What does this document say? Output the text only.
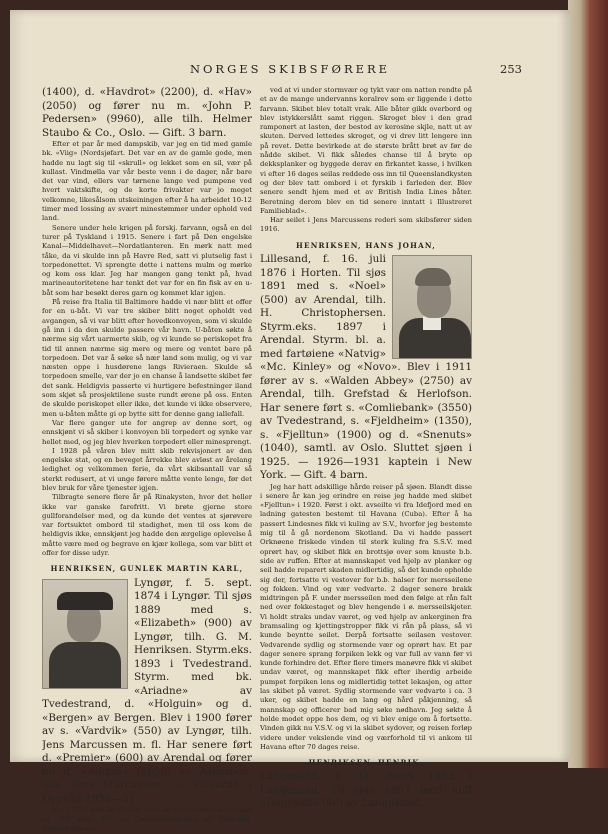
NORGES SKIBSFØRERE	253

(1400), d. «Havdrot» (2200), d. «Hav» (2050) og fører nu m. «John P. Pedersen» (9960), alle tilh. Helmer Staubo & Co., Oslo. — Gift. 3 barn.

Efter et par år med dampskib, var jeg en tid med gamle bk. «Viig» (Nordsjøfart. Det var en av de gamle gode, men hadde nu lagt sig til «skrull» og lekket som en sil, vær på kullast. Vindmølla var vår beste venn i de dager, når bare det var vind, ellers var tørnene lange ved pumpene ved hvert vaktskifte, og de korte frivakter var jo meget velkomne, likesålsom utskeiningen efter å ha arbeidet 10-12 timer med lossing av svært minestømmer under ophold ved land.

Senere under hele krigen på forskj. farvann, også en del turer på Tyskland i 1915. Senere i fart på Den engelske Kanal—Middelhavet—Nordatlanteren. En mørk natt med tåke, da vi skulde inn på Havre Red, satt vi plutselig fast i torpedonettet. Vi sprengte dette i nattens mulm og mørke og kom oss klar. Jeg har mangen gang tenkt på, hvad marineautoritetene har tenkt det var for en fin fisk av en u-båt som har besøkt deres garn og kommet klar igjen.

På reise fra Italia til Baltimore hadde vi nær blitt et offer for en u-båt. Vi var tre skiber blitt noget opholdt ved avgangen, så vi var blitt efter hovedkonvoyen, som vi skulde gå inn i da den skulde passere vår havn. U-båten søkte å nærme sig vårt uarmerte skib, og vi kunde se periskopet fra tid til annen nærme sig mere og mere og ventet bare på torpedoen. Det var å søke så nær land som mulig, og vi var næsten oppe i husdørene langs Rivieraen. Skulde så torpedoen smelle, var der jo en chanse å landsette skibet før det sank. Heldigvis passerte vi hurtigere befestninger iland som skjøt så prosjektilene suste rundt ørene på oss. Enten de skulde periskopet eller ikke, det kunde vi ikke observere, men u-båten måtte gi op bytte sitt for denne gang iallefall.

Var flere ganger ute for angrep av denne sort, og ennskjønt vi så skiber i konvoyen bli torpedert og synke var hellet med, og jeg blev hverken torpedert eller minesprengt.

I 1928 på våren blev mitt skib rekvisjonert av den engelske stat, og en beveget årrekke blev avløst av årelang ledighet og velkommen ferie, da vårt skibsantall var så sterkt redusert, at vi unge førere måtte vente lenge, før det blev bruk for våre tjenester igjen.

Tilbragte senere flere år på Rinakysten, hvor det heller ikke var ganske farefritt. Vi brøte gjerne store gullforandelser med, og da kunde det ventes at sjørøvere var fortsuktet ombord til stadighet, men til oss kom de heldigvis ikke, ennskjønt jeg hadde den ærgelige oplevelse å måtte være med og begrave en kjær kollega, som var blitt et offer for disse udyr.

HENRIKSEN, GUNLEK MARTIN KARL,

Lyngør, f. 5. sept. 1874 i Lyngør. Til sjøs 1889 med s. «Elizabeth» (900) av Lyngør, tilh. G. M. Henriksen. Styrm.eks. 1893 i Tvedestrand. Styrm. med bk. «Ariadne» av Tvedestrand, d. «Holguin» og d. «Bergen» av Bergen. Blev i 1900 fører av s. «Vardvik» (550) av Lyngør, tilh. Jens Marcussen m. fl. Har senere ført d. «Premier» (600) av Arendal og fører nu d. «Audun» (2050) av Askerøen, tilh. Jens Marcussen. — Viceordf. i Dypvåg 1928—31.

Var i 1892 med og forliste med bk. «Elizabeth» av Lyngør ca. 600 kv.m. S.O. av Queenslandkysten på Australia. Forliset skjedde

ved at vi under stormvær og tykt vær om natten rendte på et av de mange undervanns koralrev som er liggende i dette farvann. Skibet blev totalt vrak. Alle båter gikk overbord og blev istykkerslått samt riggen. Skroget blev i den grad ramponert at lasten, der bestod av kerosine skjle, natt ut av skuten. Derved lettedes skroget, og vi drev litt lengere inn på revet. Dette bevirkede at de største brått brøt av før de nådde skibet. Vi fikk således chanse til å bryte op dekksplanker og byggede derav en firkantet kasse, i hvilken vi efter 16 dages seilas reddede oss inn til Queenslandkysten og der blev tatt ombord i et fyrskib i farleden der. Blev senere sendt hjem med et av British India Lines båter. Beretning derom blev en tid senere inntatt i Illustreret Familieblad».

Har seilet i Jens Marcussens rederi som skibsfører siden 1916.

HENRIKSEN, HANS JOHAN,

Lillesand, f. 16. juli 1876 i Horten. Til sjøs 1891 med s. «Noel» (500) av Arendal, tilh. H. Christophersen. Styrm.eks. 1897 i Arendal. Styrm. bl. a. med fartøiene «Natvig» «Mc. Kinley» og «Novo». Blev i 1911 fører av s. «Walden Abbey» (2750) av Arendal, tilh. Grefstad & Herlofson. Har senere ført s. «Comliebank» (3550) av Tvedestrand, s. «Fjeldheim» (1350), s. «Fjelltun» (1900) og d. «Snenuts» (1040), samtl. av Oslo. Sluttet sjøen i 1925. — 1926—1931 kaptein i New York. — Gift. 4 barn.

Jeg har hatt adskillige hårde reiser på sjøen. Blandt disse i senere år kan jeg erindre en reise jeg hadde med skibet «Fjelltun» i 1920. Først i okt. avseilte vi fra Idefjord med en ladning gatesten bestemt til Havana (Cuba). Efter å ha passert Lindesnes fikk vi kuling av S.V., hvorfor jeg bestemte mig til å gå nordenom Skotland. Da vi hadde passert Orknøene friskede vinden til sterk kuling fra S.S.V. med oprørt hav, og skibet fikk en brottsjø over som knuste b.b. side av ruffen. Efter at mannskapet ved hjelp av planker og seil hadde reparert skaden midlertidig, så det kunde opholde sig der, fortsatte vi vestover for b.b. halser for mersseilene og fokken. Vind og vær vedvarte. 2 dager senere brakk midtringen på F. under mersseilen med den følge at rån falt ned over fokkestaget og blev hengende i ø. mersseilskjeter. Vi holdt straks undav været, og ved hjelp av ankerginen fra bramsaling og kjettingstropper fikk vi rån på plass, så vi kunde beyntte seilet. Derpå fortsatte seilasen vestover. Vedvarende sydlig og stormende vær og oprørt hav. Et par dager senere sprang forpiken lekk og var full av vann før vi kunde forhindre det. Efter flere timers manøvre fikk vi skibet undav været, og mannskapet fikk efter iherdig arbeide pumpet forpiken lens og midlertidig tettet lekasjen, og atter las skibet på været. Sydlig stormende vær vedvarte i ca. 3 uker, og skibet hadde en lang og hård påkjenning, så mannskap og officerer bad mig søke nødhavn. Jeg søkte å holde modet oppe hos dem, og vi blev enige om å fortsette. Vinden gikk nu V.S.V. og vi la skibet sydover, og reisen forløp videre under vekslende vind og værforhold til vi ankom til Havana efter 70 dages reise.

HENRIKSEN, HENRIK,

Langesund, f. 31. mars 1852 i Langesund. Til sjøs 1867 med koff «Dagrodd» (80) av Langesund,
